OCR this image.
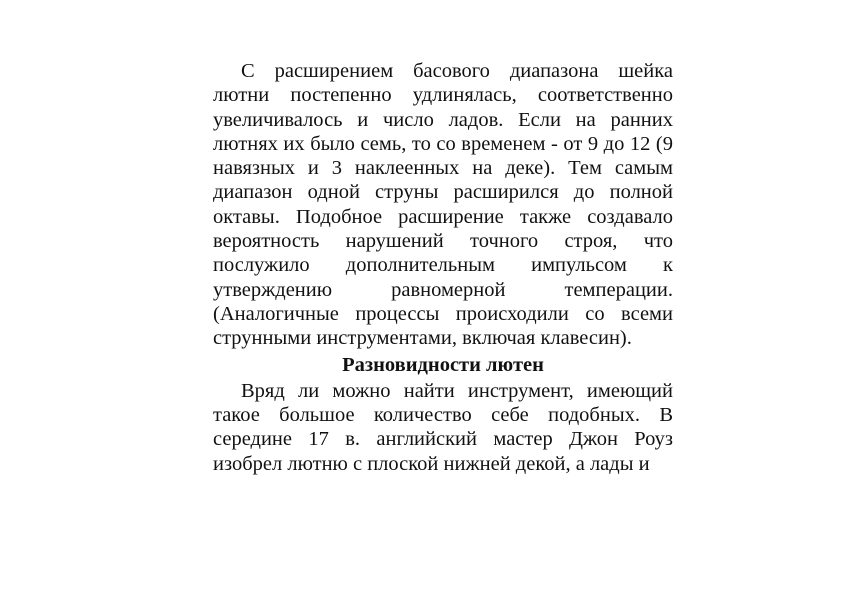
С расширением басового диапазона шейка лютни постепенно удлинялась, соответственно увеличивалось и число ладов. Если на ранних лютнях их было семь, то со временем - от 9 до 12 (9 навязных и 3 наклеенных на деке). Тем самым диапазон одной струны расширился до полной октавы. Подобное расширение также создавало вероятность нарушений точного строя, что послужило дополнительным импульсом к утверждению равномерной темперации. (Аналогичные процессы происходили со всеми струнными инструментами, включая клавесин).

Разновидности лютен

Вряд ли можно найти инструмент, имеющий такое большое количество себе подобных. В середине 17 в. английский мастер Джон Роуз изобрел лютню с плоской нижней декой, а лады и
